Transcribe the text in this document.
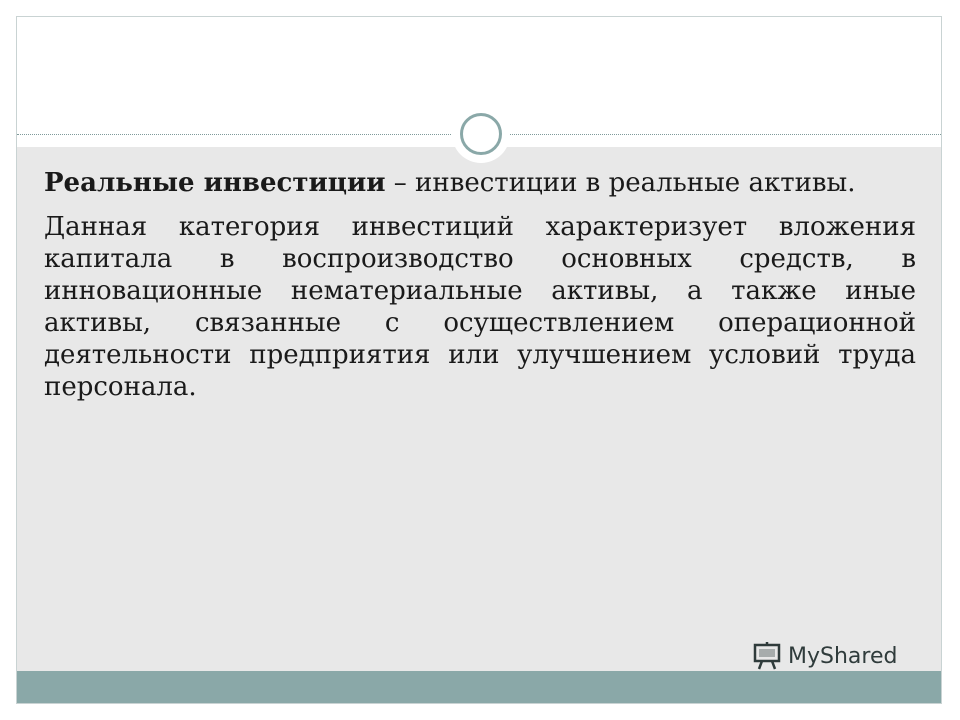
Реальные инвестиции – инвестиции в реальные активы.

Данная категория инвестиций характеризует вложения капитала в воспроизводство основных средств, в инновационные нематериальные активы, а также иные активы, связанные с осуществлением операционной деятельности предприятия или улучшением условий труда персонала.

MyShared
